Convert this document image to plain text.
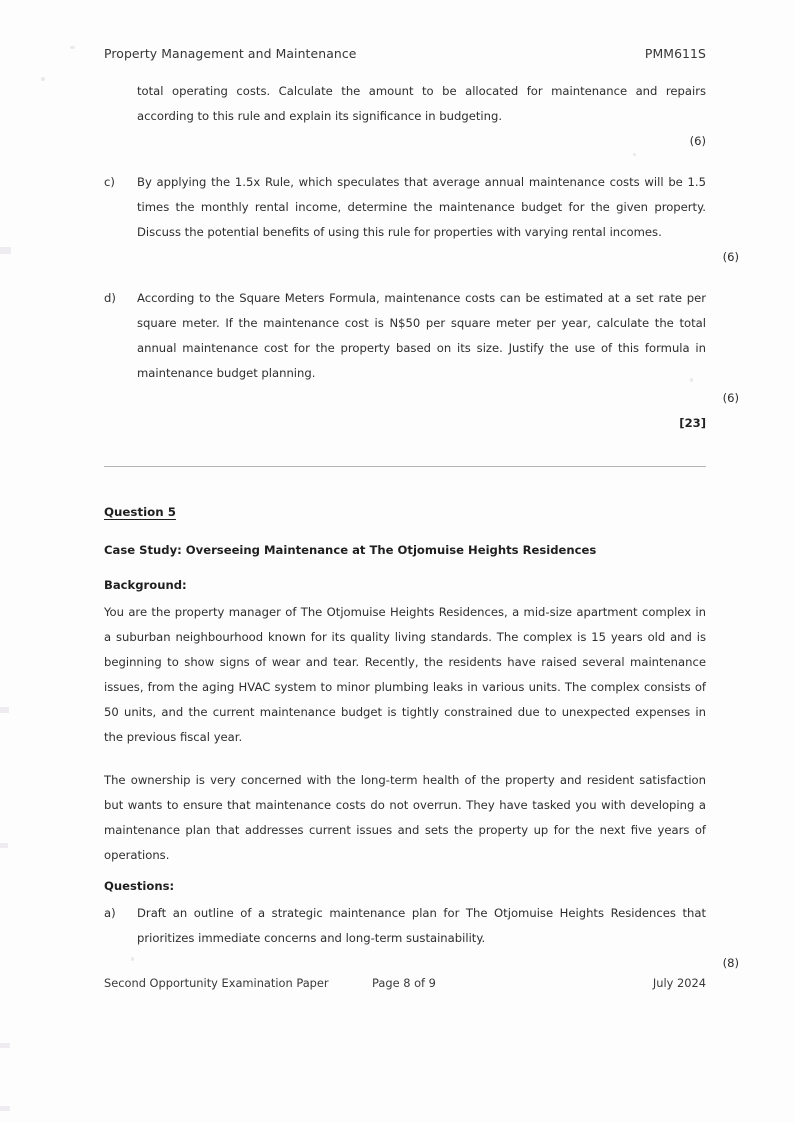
Property Management and Maintenance	PMM611S

total operating costs. Calculate the amount to be allocated for maintenance and repairs according to this rule and explain its significance in budgeting.

(6)
c) By applying the 1.5x Rule, which speculates that average annual maintenance costs will be 1.5 times the monthly rental income, determine the maintenance budget for the given property. Discuss the potential benefits of using this rule for properties with varying rental incomes.
(6)
d) According to the Square Meters Formula, maintenance costs can be estimated at a set rate per square meter. If the maintenance cost is N$50 per square meter per year, calculate the total annual maintenance cost for the property based on its size. Justify the use of this formula in maintenance budget planning.
(6)
[23]
Question 5
Case Study: Overseeing Maintenance at The Otjomuise Heights Residences
Background:

You are the property manager of The Otjomuise Heights Residences, a mid-size apartment complex in a suburban neighbourhood known for its quality living standards. The complex is 15 years old and is beginning to show signs of wear and tear. Recently, the residents have raised several maintenance issues, from the aging HVAC system to minor plumbing leaks in various units. The complex consists of 50 units, and the current maintenance budget is tightly constrained due to unexpected expenses in the previous fiscal year.

The ownership is very concerned with the long-term health of the property and resident satisfaction but wants to ensure that maintenance costs do not overrun. They have tasked you with developing a maintenance plan that addresses current issues and sets the property up for the next five years of operations.

Questions:
a) Draft an outline of a strategic maintenance plan for The Otjomuise Heights Residences that prioritizes immediate concerns and long-term sustainability.
(8)
Second Opportunity Examination Paper	Page 8 of 9	July 2024
